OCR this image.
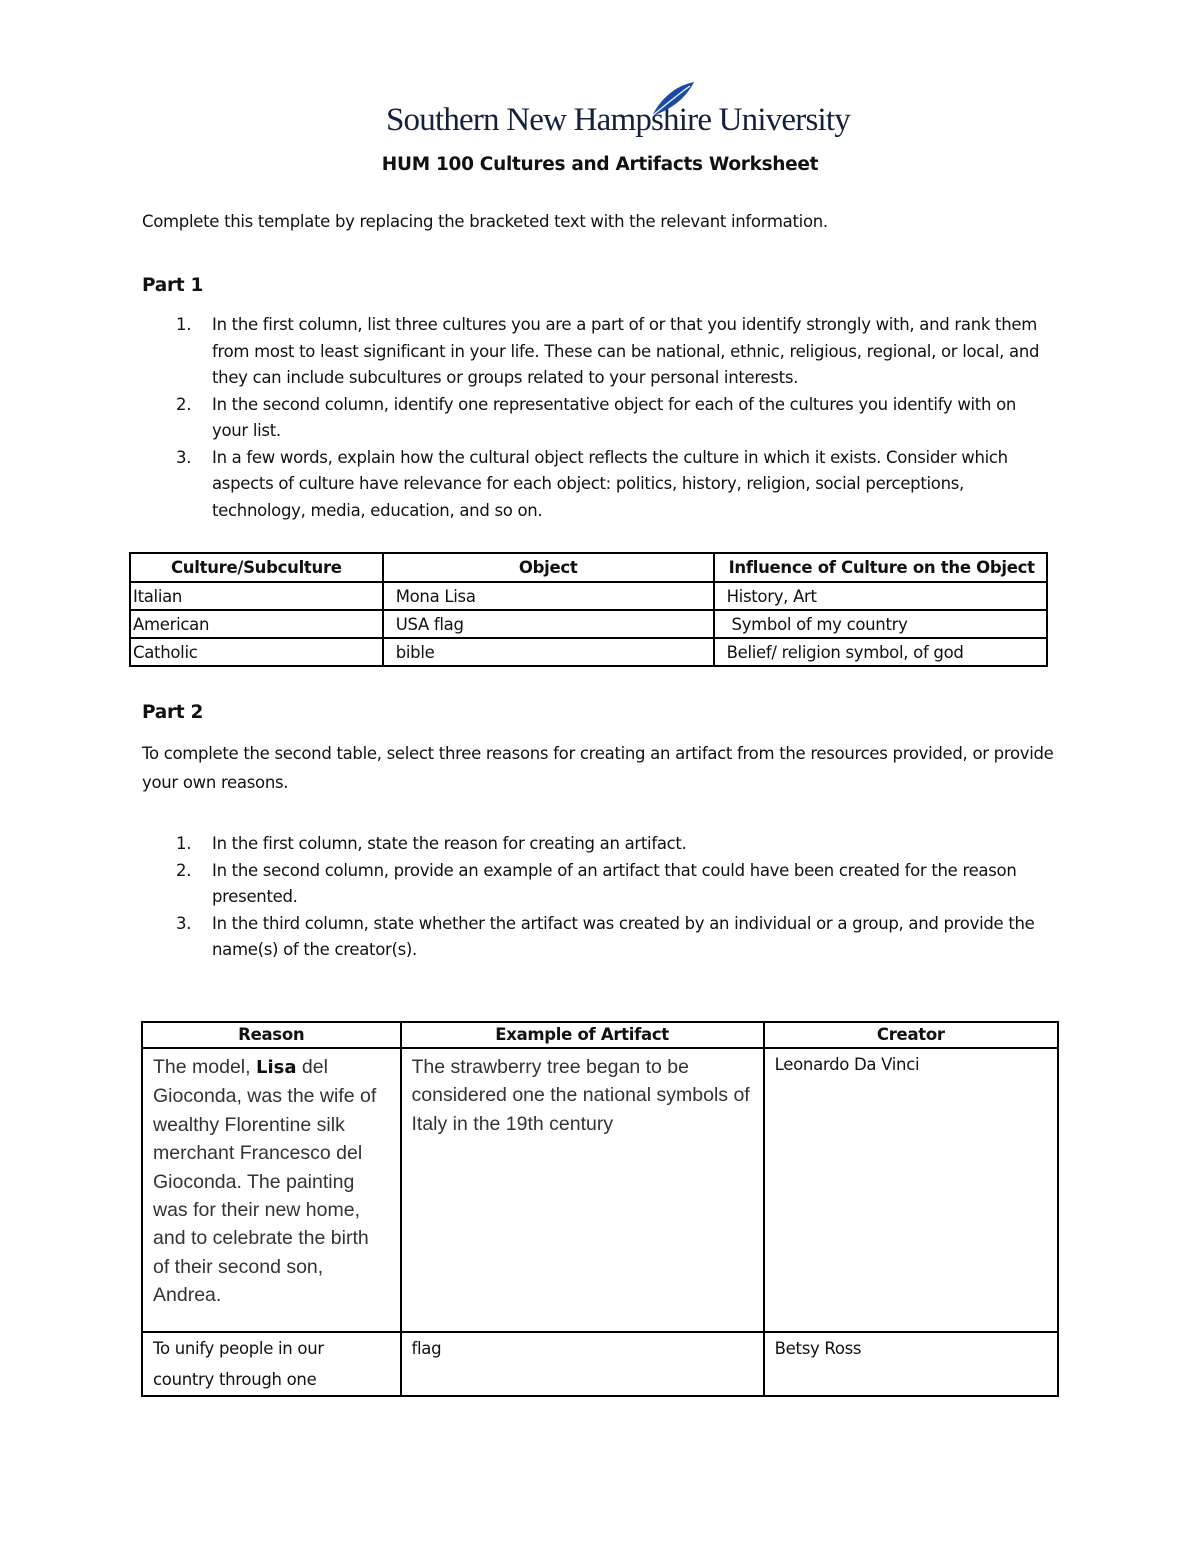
Southern New Hampshire University
HUM 100 Cultures and Artifacts Worksheet
Complete this template by replacing the bracketed text with the relevant information.
Part 1
1. In the first column, list three cultures you are a part of or that you identify strongly with, and rank them from most to least significant in your life. These can be national, ethnic, religious, regional, or local, and they can include subcultures or groups related to your personal interests.
2. In the second column, identify one representative object for each of the cultures you identify with on your list.
3. In a few words, explain how the cultural object reflects the culture in which it exists. Consider which aspects of culture have relevance for each object: politics, history, religion, social perceptions, technology, media, education, and so on.
Culture/Subculture	Object	Influence of Culture on the Object
Italian	Mona Lisa	History, Art
American	USA flag	Symbol of my country
Catholic	bible	Belief/ religion symbol, of god
Part 2
To complete the second table, select three reasons for creating an artifact from the resources provided, or provide your own reasons.
1. In the first column, state the reason for creating an artifact.
2. In the second column, provide an example of an artifact that could have been created for the reason presented.
3. In the third column, state whether the artifact was created by an individual or a group, and provide the name(s) of the creator(s).
Reason	Example of Artifact	Creator
The model, Lisa del Gioconda, was the wife of wealthy Florentine silk merchant Francesco del Gioconda. The painting was for their new home, and to celebrate the birth of their second son, Andrea.	The strawberry tree began to be considered one the national symbols of Italy in the 19th century	Leonardo Da Vinci
To unify people in our country through one	flag	Betsy Ross
